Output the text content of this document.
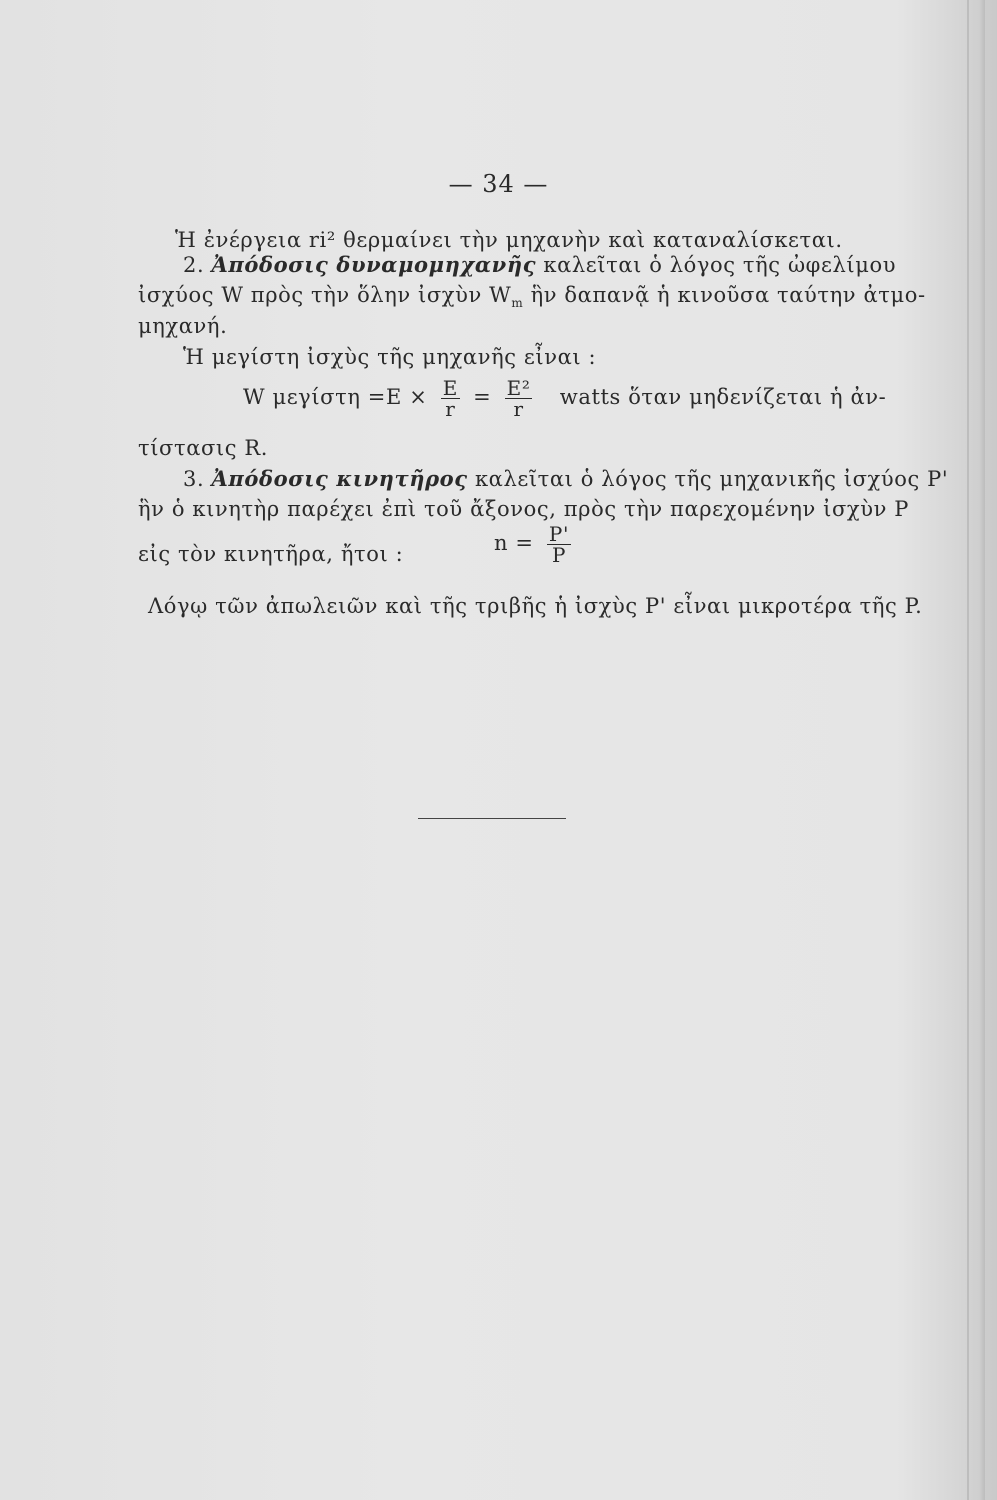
— 34 —
Ἡ ἐνέργεια ri² θερμαίνει τὴν μηχανὴν καὶ καταναλίσκεται.
2. Ἀπόδοσις δυναμομηχανῆς καλεῖται ὁ λόγος τῆς ὠφελίμου
ἰσχύος W πρὸς τὴν ὅλην ἰσχὺν $W_m$ ἣν δαπανᾷ ἡ κινοῦσα ταύτην ἀτμο-
μηχανή.
Ἡ μεγίστη ἰσχὺς τῆς μηχανῆς εἶναι :
W $\mu\varepsilon\gamma ί\sigma\tau\eta =E \times \frac{E}{r} = \frac{\text{E²}}{r}$ watts ὅταν μηδενίζεται ἡ ἀν-
τίστασις R.
3. Ἀπόδοσις κινητῆρος καλεῖται ὁ λόγος τῆς μηχανικῆς ἰσχύος P'
ἣν ὁ κινητὴρ παρέχει ἐπὶ τοῦ ἄξονος, πρὸς τὴν παρεχομένην ἰσχὺν P
εἰς τὸν κινητῆρα, ἤτοι :	$n = \frac{P'}{P}$
Λόγῳ τῶν ἀπωλειῶν καὶ τῆς τριβῆς ἡ ἰσχὺς P' εἶναι μικροτέρα τῆς P.
